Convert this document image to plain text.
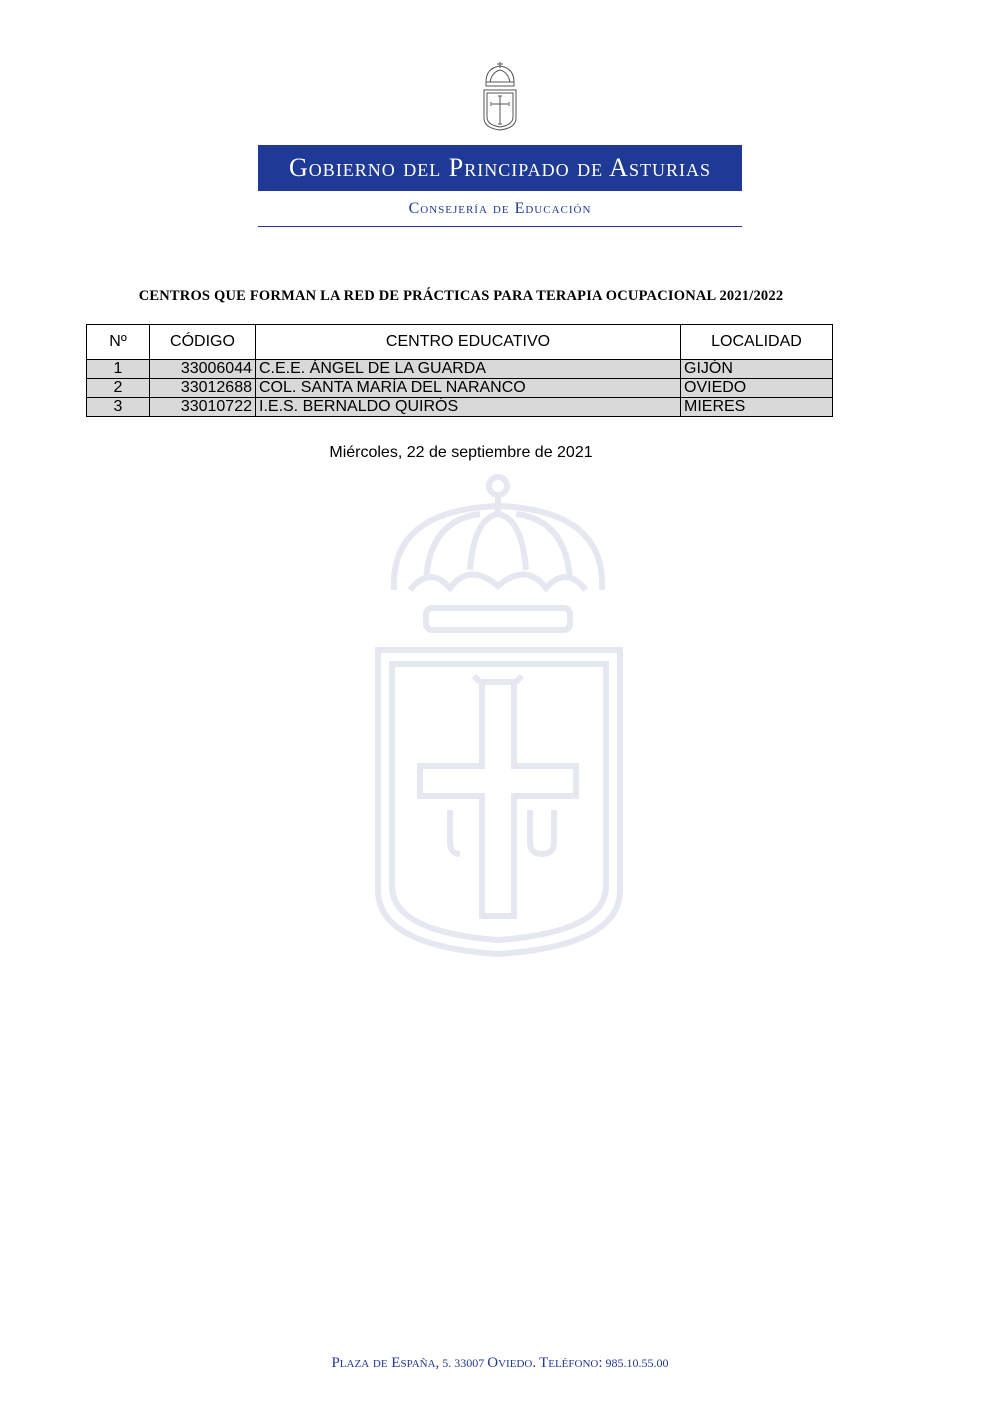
Gobierno del Principado de Asturias
Consejería de Educación
CENTROS QUE FORMAN LA RED DE PRÁCTICAS PARA TERAPIA OCUPACIONAL 2021/2022
Nº	CÓDIGO	CENTRO EDUCATIVO	LOCALIDAD
1	33006044	C.E.E. ÁNGEL DE LA GUARDA	GIJÓN
2	33012688	COL. SANTA MARÍA DEL NARANCO	OVIEDO
3	33010722	I.E.S. BERNALDO QUIRÓS	MIERES
Miércoles, 22 de septiembre de 2021
Plaza de España, 5. 33007 Oviedo. Teléfono: 985.10.55.00
